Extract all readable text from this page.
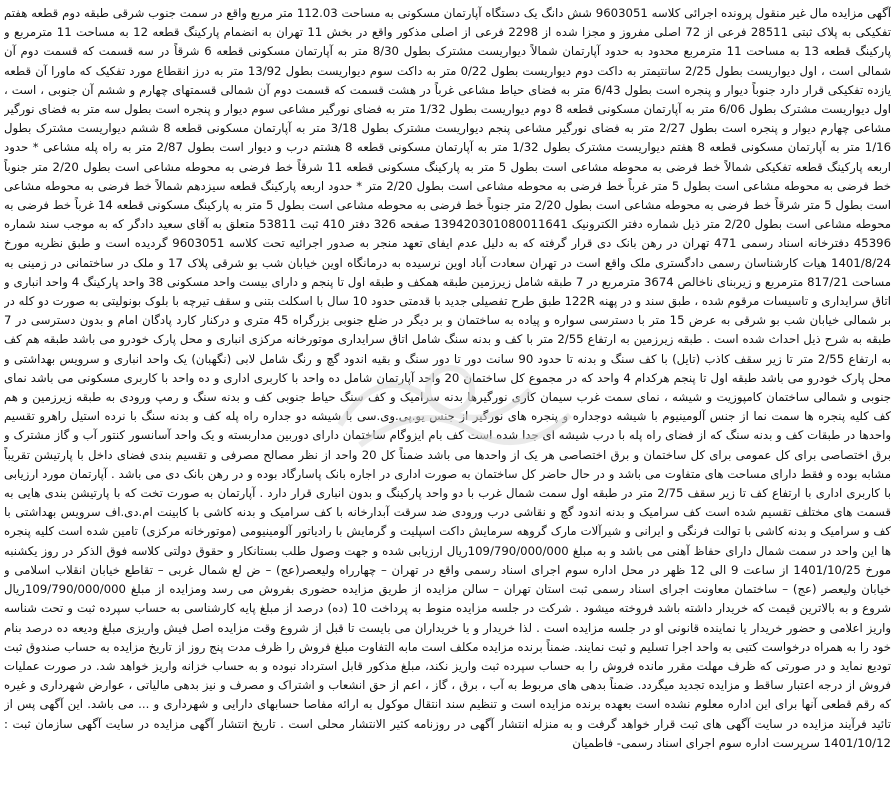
آگهی مزایده مال غیر منقول پرونده اجرائی کلاسه 9603051 شش دانگ یک دستگاه آپارتمان مسکونی به مساحت 112.03 متر مربع واقع در سمت جنوب شرقی طبقه دوم قطعه هفتم تفکیکی به پلاک ثبتی 28511 فرعی از 72 اصلی مفروز و مجزا شده از 2298 فرعی از اصلی مذکور واقع در بخش 11 تهران به انضمام پارکینگ قطعه 12 به مساحت 11 مترمربع و پارکینگ قطعه 13 به مساحت 11 مترمربع محدود به حدود آپارتمان شمالاً دیواریست مشترک بطول 8/30 متر به آپارتمان مسکونی قطعه 6 شرقاً در سه قسمت که قسمت دوم آن شمالی است ، اول دیواریست بطول 2/25 سانتیمتر به داکت دوم دیواریست بطول 0/22 متر به داکت سوم دیواریست بطول 13/92 متر به درز انقطاع مورد تفکیک که ماورا آن قطعه یازده تفکیکی قرار دارد جنوباً دیوار و پنجره است بطول 6/43 متر به فضای حیاط مشاعی غرباً در هشت قسمت که قسمت دوم آن شمالی قسمتهای چهارم و ششم آن جنوبی ، است ، اول دیواریست مشترک بطول 6/06 متر به آپارتمان مسکونی قطعه 8 دوم دیواریست بطول 1/32 متر به فضای نورگیر مشاعی سوم دیوار و پنجره است بطول سه متر به فضای نورگیر مشاعی چهارم دیوار و پنجره است بطول 2/27 متر به فضای نورگیر مشاعی پنجم دیواریست مشترک بطول 3/18 متر به آپارتمان مسکونی قطعه 8 ششم دیواریست مشترک بطول 1/16 متر به آپارتمان مسکونی قطعه 8 هفتم دیواریست مشترک بطول 1/32 متر به آپارتمان مسکونی قطعه 8 هشتم درب و دیوار است بطول 2/87 متر به راه پله مشاعی * حدود اربعه پارکینگ قطعه تفکیکی شمالاً خط فرضی به محوطه مشاعی است بطول 5 متر به پارکینگ مسکونی قطعه 11 شرقاً خط فرضی به محوطه مشاعی است بطول 2/20 متر جنوباً خط فرضی به محوطه مشاعی است بطول 5 متر غرباً خط فرضی به محوطه مشاعی است بطول 2/20 متر * حدود اربعه پارکینگ قطعه سیزدهم شمالاً خط فرضی به محوطه مشاعی است بطول 5 متر شرقاً خط فرضی به محوطه مشاعی است بطول 2/20 متر جنوباً خط فرضی به محوطه مشاعی است بطول 5 متر به پارکینگ مسکونی قطعه 14 غرباً خط فرضی به محوطه مشاعی است بطول 2/20 متر ذیل شماره دفتر الکترونیک 139420301080011641 صفحه 326 دفتر 410 ثبت 53811 متعلق به آقای سعید دادگر که به موجب سند شماره 45396 دفترخانه اسناد رسمی 471 تهران در رهن بانک دی قرار گرفته که به دلیل عدم ایفای تعهد منجر به صدور اجرائیه تحت کلاسه 9603051 گردیده است و طبق نظریه مورخ 1401/8/24 هیات کارشناسان رسمی دادگستری ملک واقع است در تهران سعادت آباد اوین نرسیده به درمانگاه اوین خیابان شب بو شرقی پلاک 17 و ملک در ساختمانی در زمینی به مساحت 817/21 مترمربع و زیربنای ناخالص 3674 مترمربع در 7 طبقه شامل زیرزمین طبقه همکف و طبقه اول تا پنجم و دارای بیست واحد مسکونی 38 واحد پارکینگ 4 واحد انباری و اتاق سرایداری و تاسیسات مرقوم شده ، طبق سند و در پهنه 122R طبق طرح تفصیلی جدید با قدمتی حدود 10 سال با اسکلت بتنی و سقف تیرچه با بلوک بونولیتی به صورت دو کله در بر شمالی خیابان شب بو شرقی به عرض 15 متر با دسترسی سواره و پیاده به ساختمان و بر دیگر در ضلع جنوبی بزرگراه 45 متری و درکنار کارد پادگان امام و بدون دسترسی در 7 طبقه به شرح ذیل احداث شده است . طبقه زیرزمین به ارتفاع 2/55 متر با کف و بدنه سنگ شامل اتاق سرایداری موتورخانه مرکزی انباری و محل پارک خودرو می باشد طبقه هم کف به ارتفاع 2/55 متر تا زیر سقف کاذب (تایل) با کف سنگ و بدنه تا حدود 90 سانت دور تا دور سنگ و بقیه اندود گچ و رنگ شامل لابی (نگهبان) یک واحد انباری و سرویس بهداشتی و محل پارک خودرو می باشد طبقه اول تا پنجم هرکدام 4 واحد که در مجموع کل ساختمان 20 واحد آپارتمان شامل ده واحد با کاربری اداری و ده واحد با کاربری مسکونی می باشد نمای جنوبی و شمالی ساختمان کامپوزیت و شیشه ، نمای سمت غرب سیمان کاری نورگیرها بدنه سرامیک و کف سنگ حیاط جنوبی کف و بدنه سنگ و رمپ ورودی به طبقه زیرزمین و هم کف کلیه پنجره ها سمت نما از جنس آلومینیوم با شیشه دوجداره و پنجره های نورگیر از جنس یو.پی.وی.سی با شیشه دو جداره راه پله کف و بدنه سنگ با نرده استیل راهرو تقسیم واحدها در طبقات کف و بدنه سنگ که از فضای راه پله با درب شیشه ای جدا شده است کف بام ایزوگام ساختمان دارای دوربین مداربسته و یک واحد آسانسور کنتور آب و گاز مشترک و برق اختصاصی برای کل عمومی برای کل ساختمان و برق اختصاصی هر یک از واحدها می باشد ضمناً کل 20 واحد از نظر مصالح مصرفی و تقسیم بندی فضای داخل با پارتیشن تقریباً مشابه بوده و فقط دارای مساحت های متفاوت می باشد و در حال حاضر کل ساختمان به صورت اداری در اجاره بانک پاسارگاد بوده و در رهن بانک دی می باشد . آپارتمان مورد ارزیابی با کاربری اداری با ارتفاع کف تا زیر سقف 2/75 متر در طبقه اول سمت شمال غرب با دو واحد پارکینگ و بدون انباری قرار دارد . آپارتمان به صورت تخت که با پارتیشن بندی هایی به قسمت های مختلف تقسیم شده است کف سرامیک و بدنه اندود گچ و نقاشی درب ورودی ضد سرقت آبدارخانه با کف سرامیک و بدنه کاشی با کابینت ام.دی.اف سرویس بهداشتی با کف و سرامیک و بدنه کاشی با توالت فرنگی و ایرانی و شیرآلات مارک گروهه سرمایش داکت اسپلیت و گرمایش با رادیاتور آلومینیومی (موتورخانه مرکزی) تامین شده است کلیه پنجره ها این واحد در سمت شمال دارای حفاظ آهنی می باشد و به مبلغ 109/790/000/000ریال ارزیابی شده و جهت وصول طلب بستانکار و حقوق دولتی کلاسه فوق الذکر در روز یکشنبه مورخ 1401/10/25 از ساعت 9 الی 12 ظهر در محل اداره سوم اجرای اسناد رسمی واقع در تهران – چهارراه ولیعصر(عج) – ض لع شمال غربی – تقاطع خیابان انقلاب اسلامی و خیابان ولیعصر (عج) – ساختمان معاونت اجرای اسناد رسمی ثبت استان تهران – سالن مزایده از طریق مزایده حضوری بفروش می رسد ومزایده از مبلغ 109/790/000/000ریال شروع و به بالاترین قیمت که خریدار داشته باشد فروخته میشود . شرکت در جلسه مزایده منوط به پرداخت 10 (ده) درصد از مبلغ پایه کارشناسی به حساب سپرده ثبت و تحت شناسه واریز اعلامی و حضور خریدار یا نماینده قانونی او در جلسه مزایده است . لذا خریدار و یا خریداران می بایست تا قبل از شروع وقت مزایده اصل فیش واریزی مبلغ ودیعه ده درصد بنام خود را به همراه درخواست کتبی به واحد اجرا تسلیم و ثبت نمایند. ضمناً برنده مزایده مکلف است مابه التفاوت مبلغ فروش را ظرف مدت پنج روز از تاریخ مزایده به حساب صندوق ثبت تودیع نماید و در صورتی که ظرف مهلت مقرر مانده فروش را به حساب سپرده ثبت واریز نکند، مبلغ مذکور قابل استرداد نبوده و به حساب خزانه واریز خواهد شد. در صورت عملیات فروش از درجه اعتبار ساقط و مزایده تجدید میگردد. ضمناً بدهی های مربوط به آب ، برق ، گاز ، اعم از حق انشعاب و اشتراک و مصرف و نیز بدهی مالیاتی ، عوارض شهرداری و غیره که رقم قطعی آنها برای این اداره معلوم نشده است بعهده برنده مزایده است و تنظیم سند انتقال موکول به ارائه مفاصا حسابهای دارایی و شهرداری و ... می باشد. این آگهی پس از تائید فرآیند مزایده در سایت آگهی های ثبت قرار خواهد گرفت و به منزله انتشار آگهی در روزنامه کثیر الانتشار محلی است . تاریخ انتشار آگهی مزایده در سایت آگهی سازمان ثبت : 1401/10/12 سرپرست اداره سوم اجرای اسناد رسمی- فاطمیان
